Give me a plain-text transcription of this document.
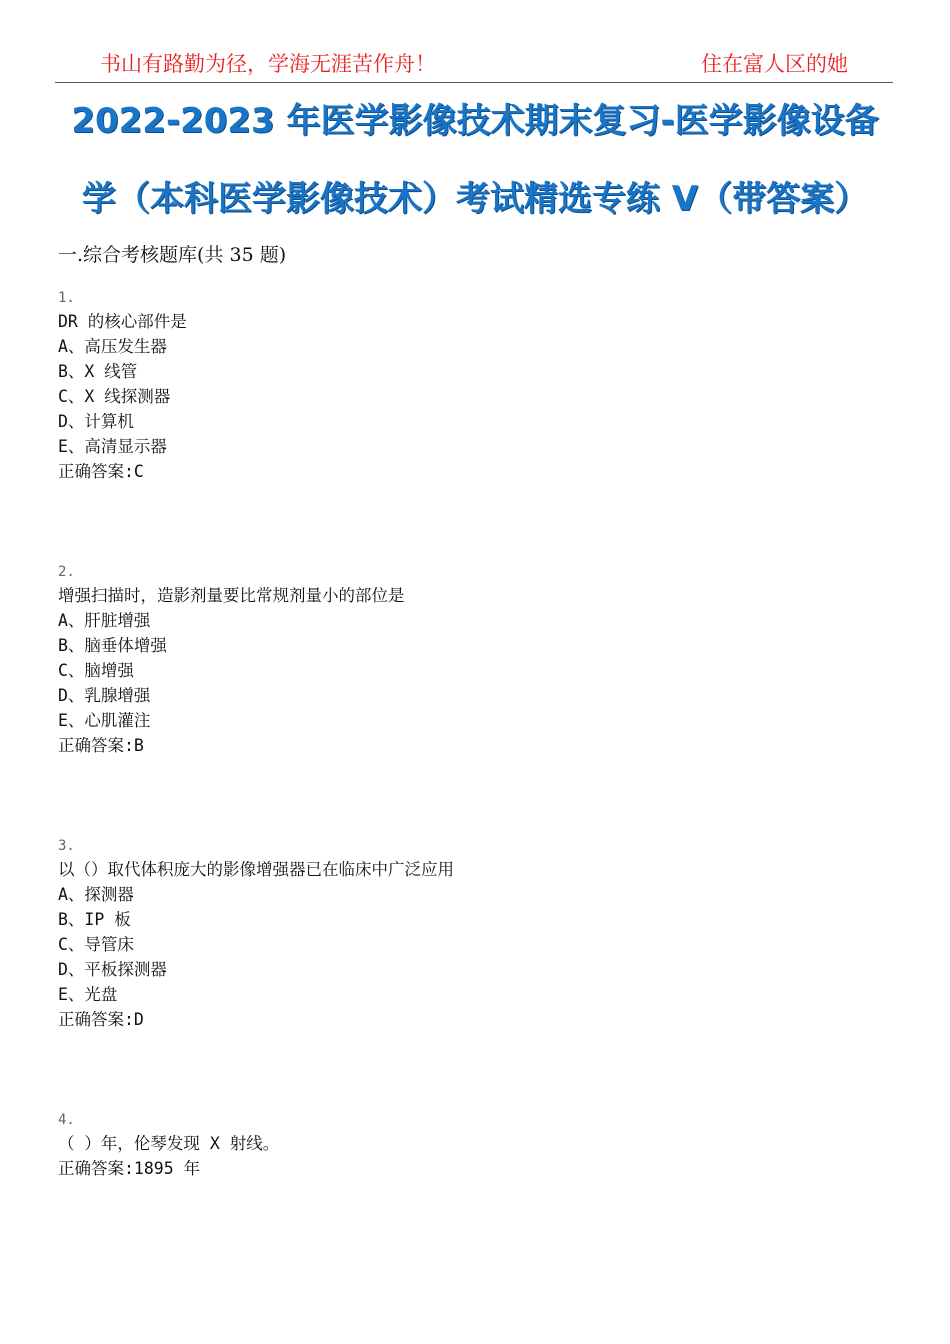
书山有路勤为径，学海无涯苦作舟！	住在富人区的她
2022-2023 年医学影像技术期末复习-医学影像设备
学（本科医学影像技术）考试精选专练 V（带答案）
一.综合考核题库(共 35 题)
1.
DR 的核心部件是
A、高压发生器
B、X 线管
C、X 线探测器
D、计算机
E、高清显示器
正确答案:C
2.
增强扫描时，造影剂量要比常规剂量小的部位是
A、肝脏增强
B、脑垂体增强
C、脑增强
D、乳腺增强
E、心肌灌注
正确答案:B
3.
以（）取代体积庞大的影像增强器已在临床中广泛应用
A、探测器
B、IP 板
C、导管床
D、平板探测器
E、光盘
正确答案:D
4.
（ ）年，伦琴发现 X 射线。
正确答案:1895 年
